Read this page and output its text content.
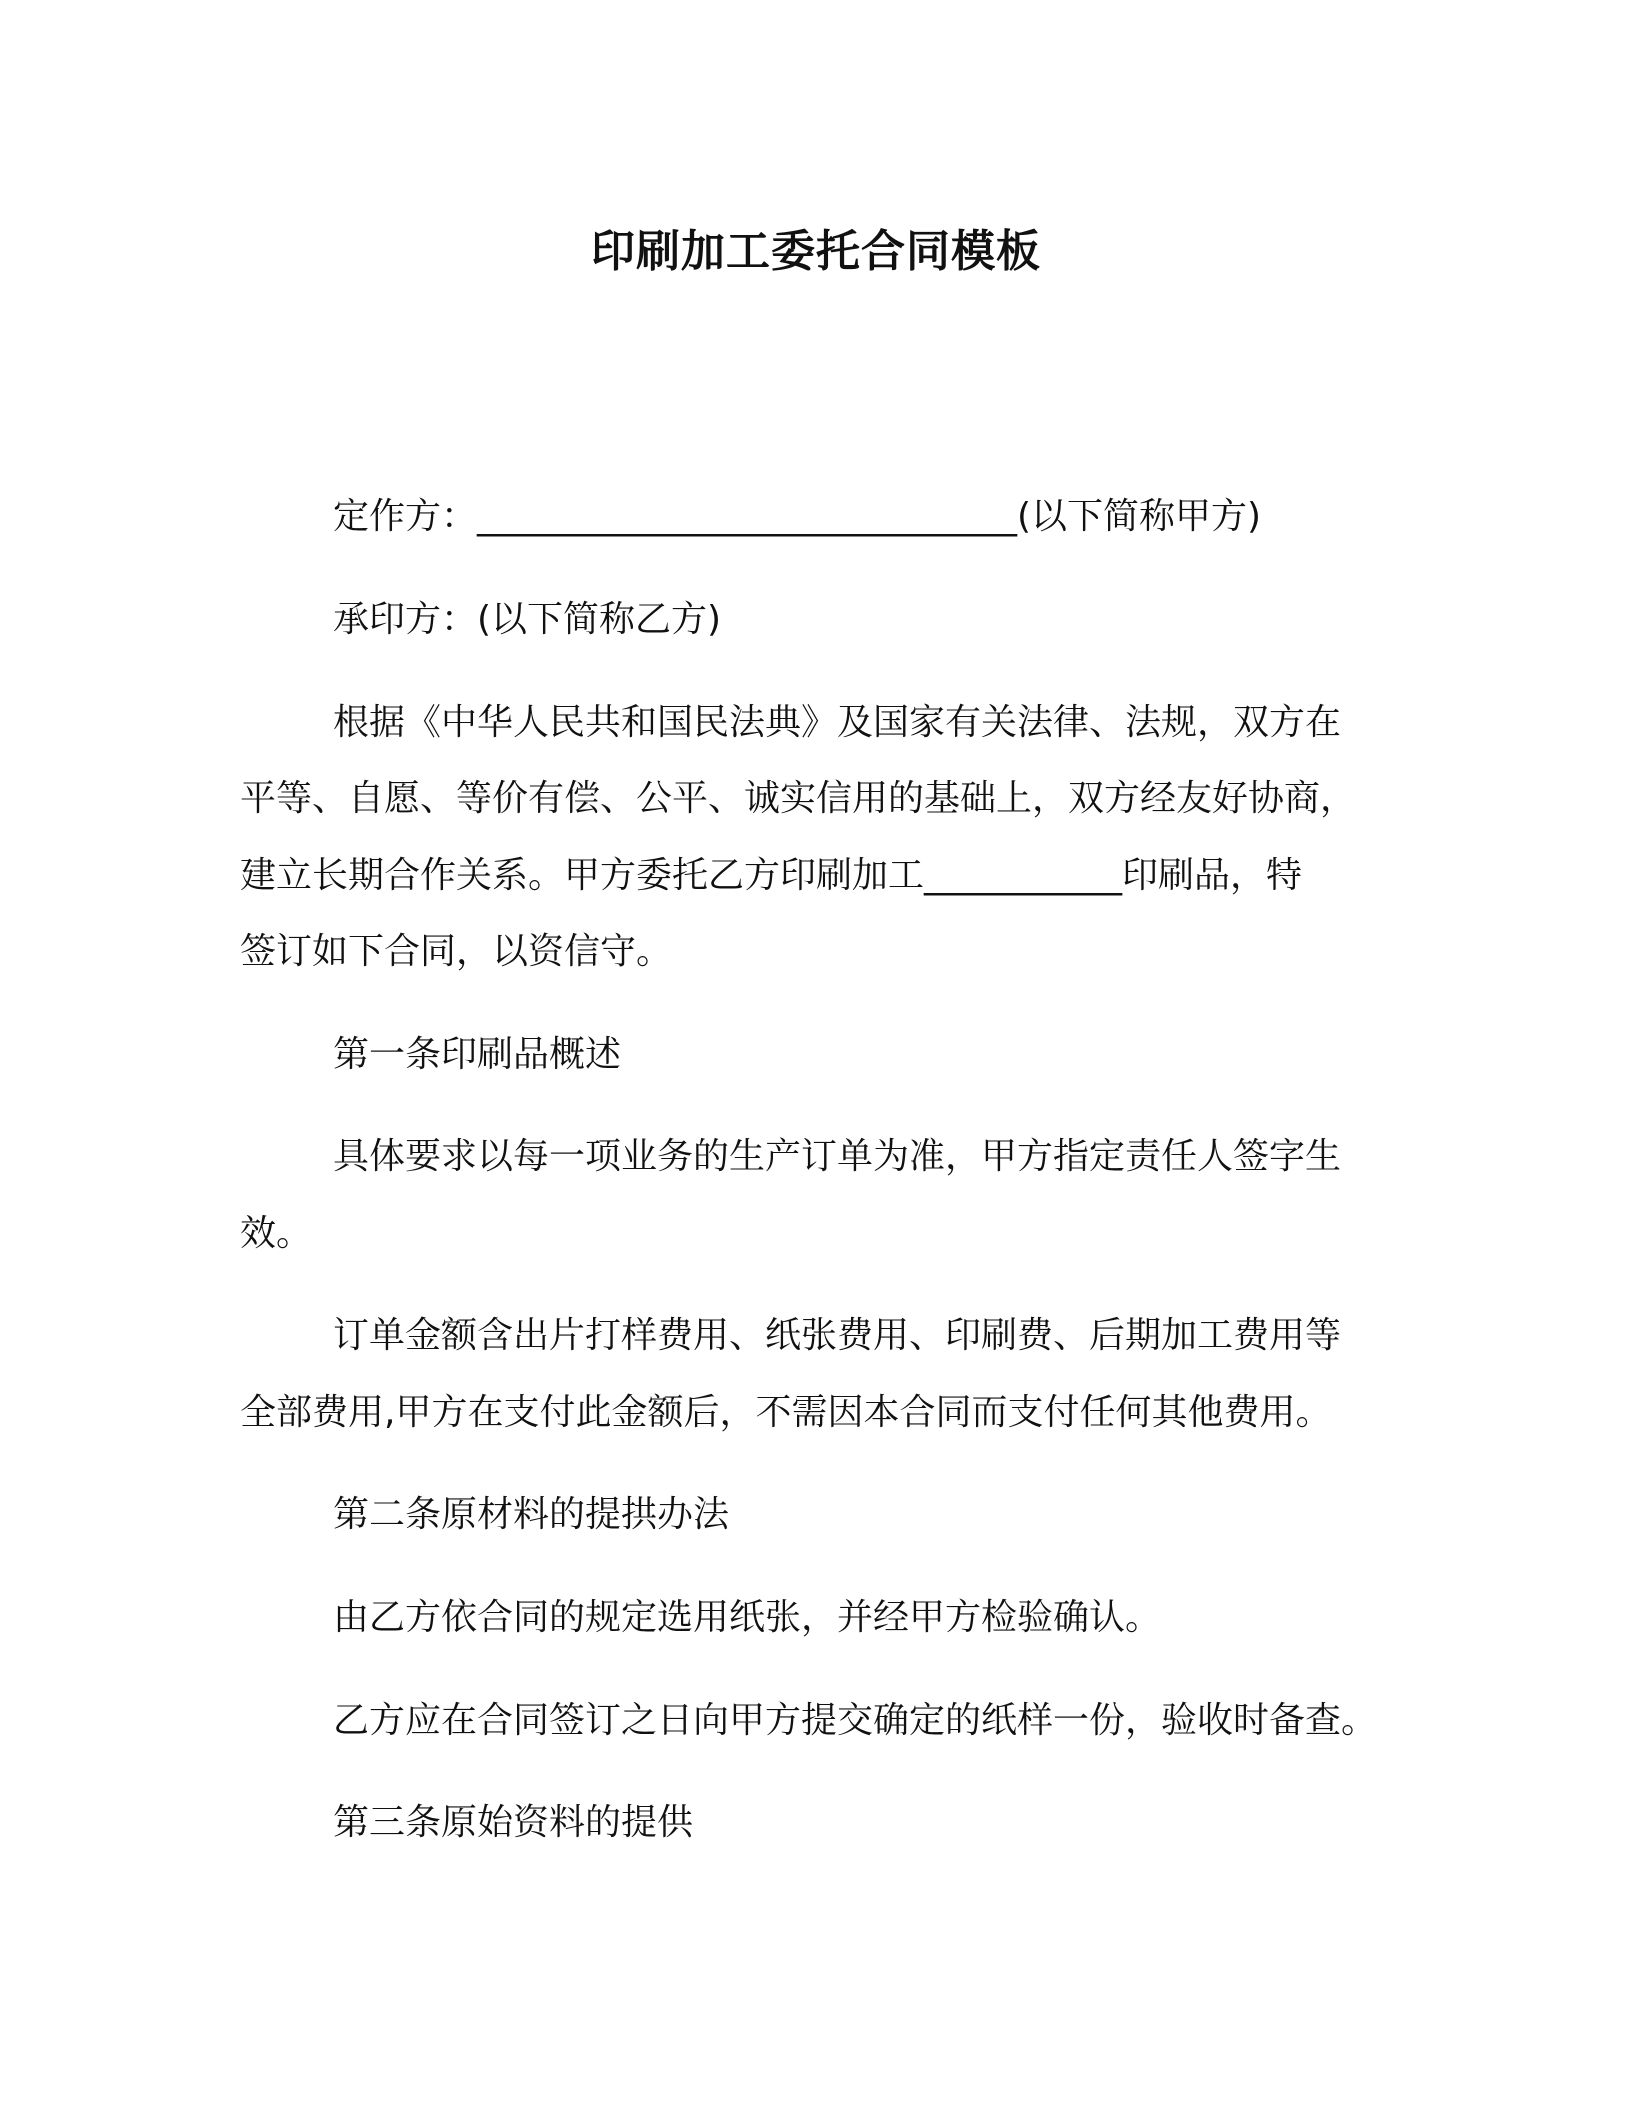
印刷加工委托合同模板

定作方：______________________________(以下简称甲方)

承印方：(以下简称乙方)

根据《中华人民共和国民法典》及国家有关法律、法规，双方在

平等、自愿、等价有偿、公平、诚实信用的基础上，双方经友好协商，

建立长期合作关系。甲方委托乙方印刷加工___________印刷品，特

签订如下合同，以资信守。

第一条印刷品概述

具体要求以每一项业务的生产订单为准，甲方指定责任人签字生

效。

订单金额含出片打样费用、纸张费用、印刷费、后期加工费用等

全部费用,甲方在支付此金额后，不需因本合同而支付任何其他费用。

第二条原材料的提拱办法

由乙方依合同的规定选用纸张，并经甲方检验确认。

乙方应在合同签订之日向甲方提交确定的纸样一份，验收时备查。

第三条原始资料的提供
